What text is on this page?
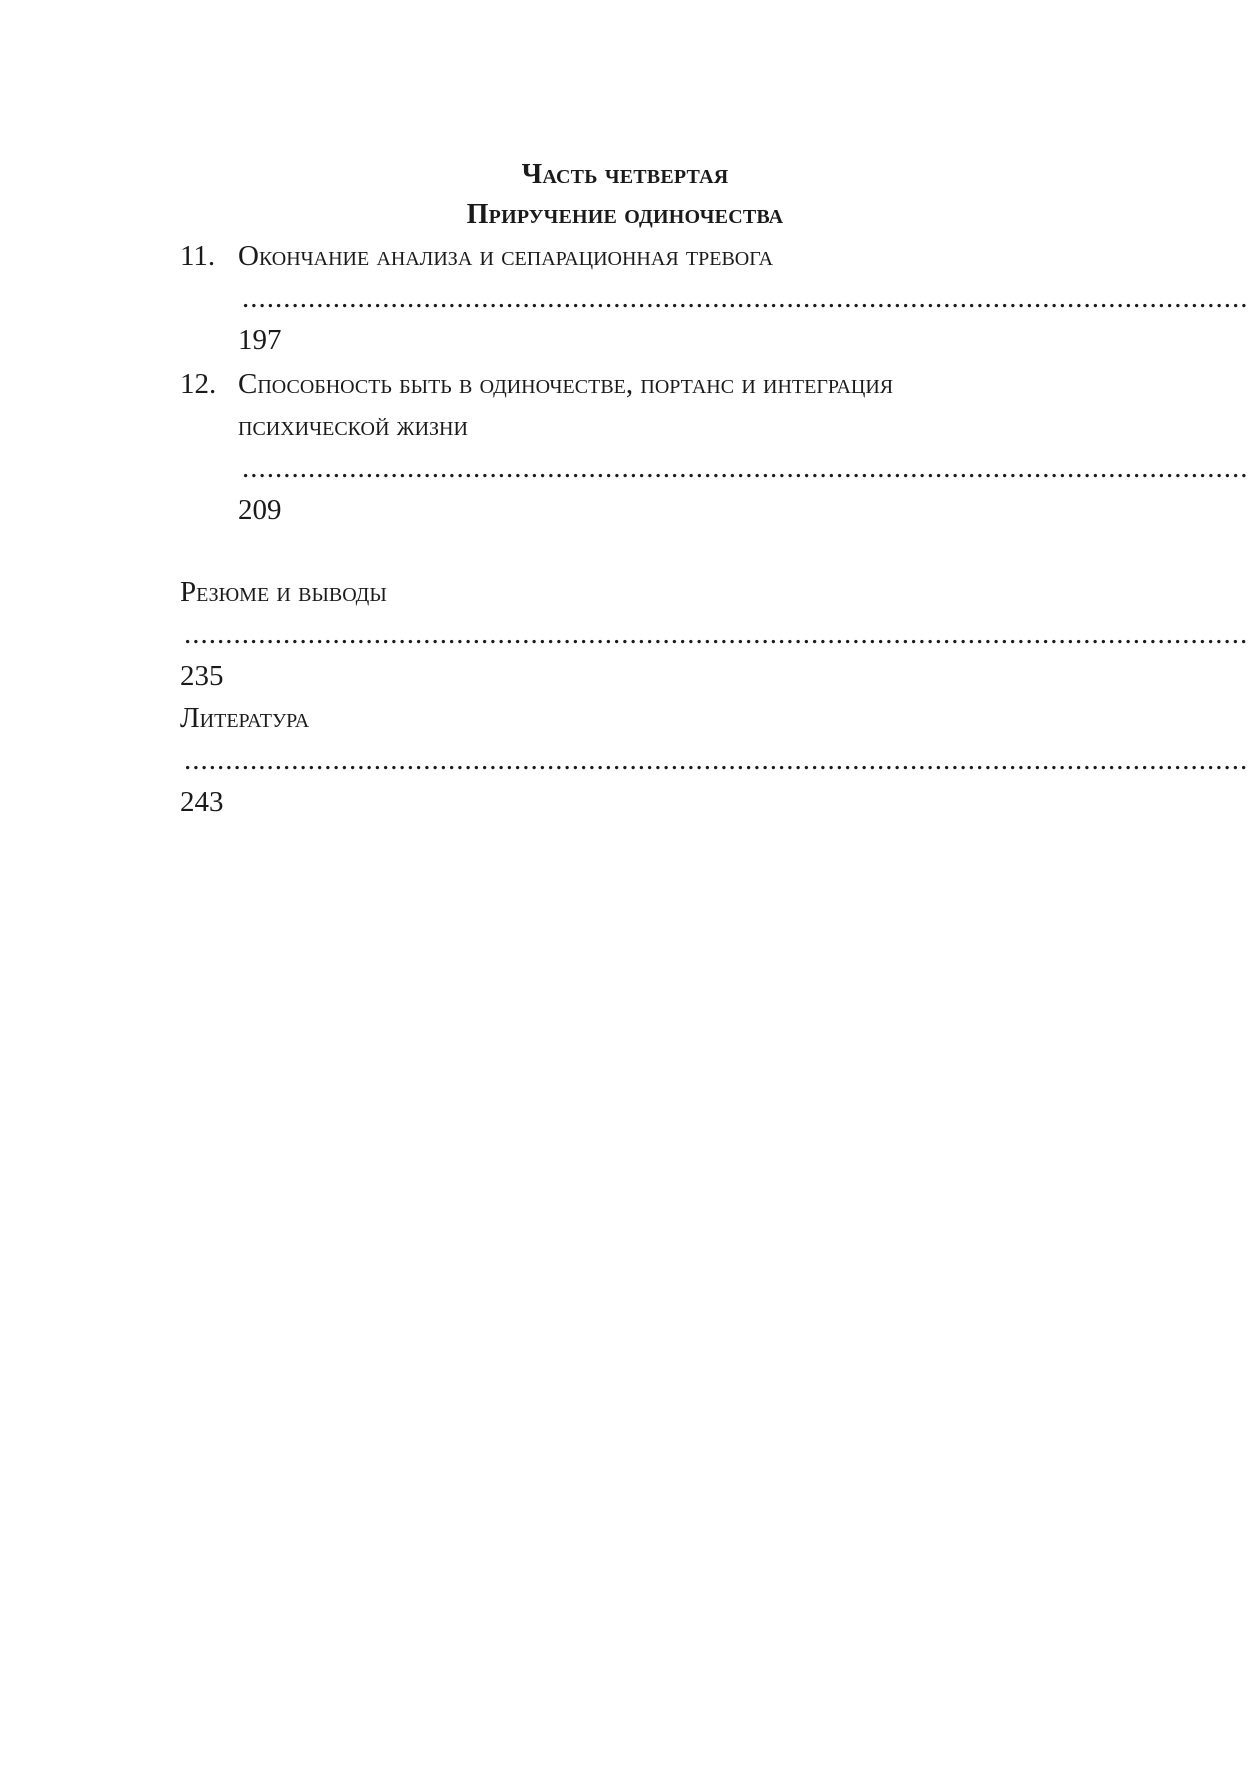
Часть четвертая
Приручение одиночества
11. Окончание анализа и сепарационная тревога ..... 197
12. Способность быть в одиночестве, портанс и интеграция
психической жизни ..... 209
Резюме и выводы ..... 235
Литература ..... 243
